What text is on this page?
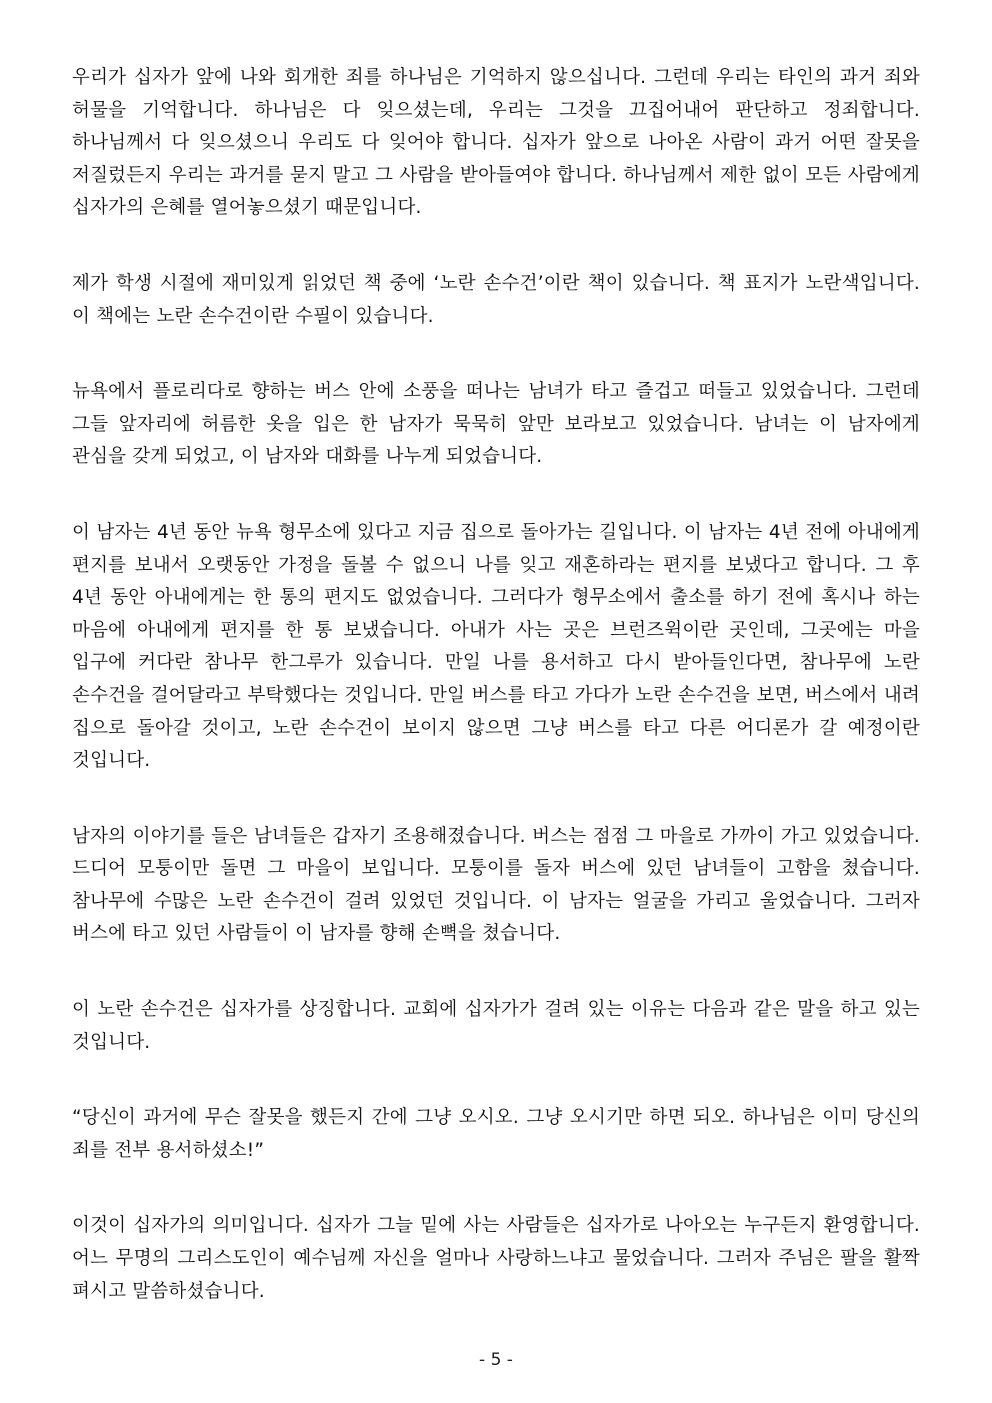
우리가 십자가 앞에 나와 회개한 죄를 하나님은 기억하지 않으십니다. 그런데 우리는 타인의 과거 죄와 허물을 기억합니다. 하나님은 다 잊으셨는데, 우리는 그것을 끄집어내어 판단하고 정죄합니다. 하나님께서 다 잊으셨으니 우리도 다 잊어야 합니다. 십자가 앞으로 나아온 사람이 과거 어떤 잘못을 저질렀든지 우리는 과거를 묻지 말고 그 사람을 받아들여야 합니다. 하나님께서 제한 없이 모든 사람에게 십자가의 은혜를 열어놓으셨기 때문입니다.

제가 학생 시절에 재미있게 읽었던 책 중에 ‘노란 손수건’이란 책이 있습니다. 책 표지가 노란색입니다. 이 책에는 노란 손수건이란 수필이 있습니다.

뉴욕에서 플로리다로 향하는 버스 안에 소풍을 떠나는 남녀가 타고 즐겁고 떠들고 있었습니다. 그런데 그들 앞자리에 허름한 옷을 입은 한 남자가 묵묵히 앞만 보라보고 있었습니다. 남녀는 이 남자에게 관심을 갖게 되었고, 이 남자와 대화를 나누게 되었습니다.

이 남자는 4년 동안 뉴욕 형무소에 있다고 지금 집으로 돌아가는 길입니다. 이 남자는 4년 전에 아내에게 편지를 보내서 오랫동안 가정을 돌볼 수 없으니 나를 잊고 재혼하라는 편지를 보냈다고 합니다. 그 후 4년 동안 아내에게는 한 통의 편지도 없었습니다. 그러다가 형무소에서 출소를 하기 전에 혹시나 하는 마음에 아내에게 편지를 한 통 보냈습니다. 아내가 사는 곳은 브런즈윅이란 곳인데, 그곳에는 마을 입구에 커다란 참나무 한그루가 있습니다. 만일 나를 용서하고 다시 받아들인다면, 참나무에 노란 손수건을 걸어달라고 부탁했다는 것입니다. 만일 버스를 타고 가다가 노란 손수건을 보면, 버스에서 내려 집으로 돌아갈 것이고, 노란 손수건이 보이지 않으면 그냥 버스를 타고 다른 어디론가 갈 예정이란 것입니다.

남자의 이야기를 들은 남녀들은 갑자기 조용해졌습니다. 버스는 점점 그 마을로 가까이 가고 있었습니다. 드디어 모퉁이만 돌면 그 마을이 보입니다. 모퉁이를 돌자 버스에 있던 남녀들이 고함을 쳤습니다. 참나무에 수많은 노란 손수건이 걸려 있었던 것입니다. 이 남자는 얼굴을 가리고 울었습니다. 그러자 버스에 타고 있던 사람들이 이 남자를 향해 손뼉을 쳤습니다.

이 노란 손수건은 십자가를 상징합니다. 교회에 십자가가 걸려 있는 이유는 다음과 같은 말을 하고 있는 것입니다.

“당신이 과거에 무슨 잘못을 했든지 간에 그냥 오시오. 그냥 오시기만 하면 되오. 하나님은 이미 당신의 죄를 전부 용서하셨소!”

이것이 십자가의 의미입니다. 십자가 그늘 밑에 사는 사람들은 십자가로 나아오는 누구든지 환영합니다. 어느 무명의 그리스도인이 예수님께 자신을 얼마나 사랑하느냐고 물었습니다. 그러자 주님은 팔을 활짝 펴시고 말씀하셨습니다.

- 5 -
